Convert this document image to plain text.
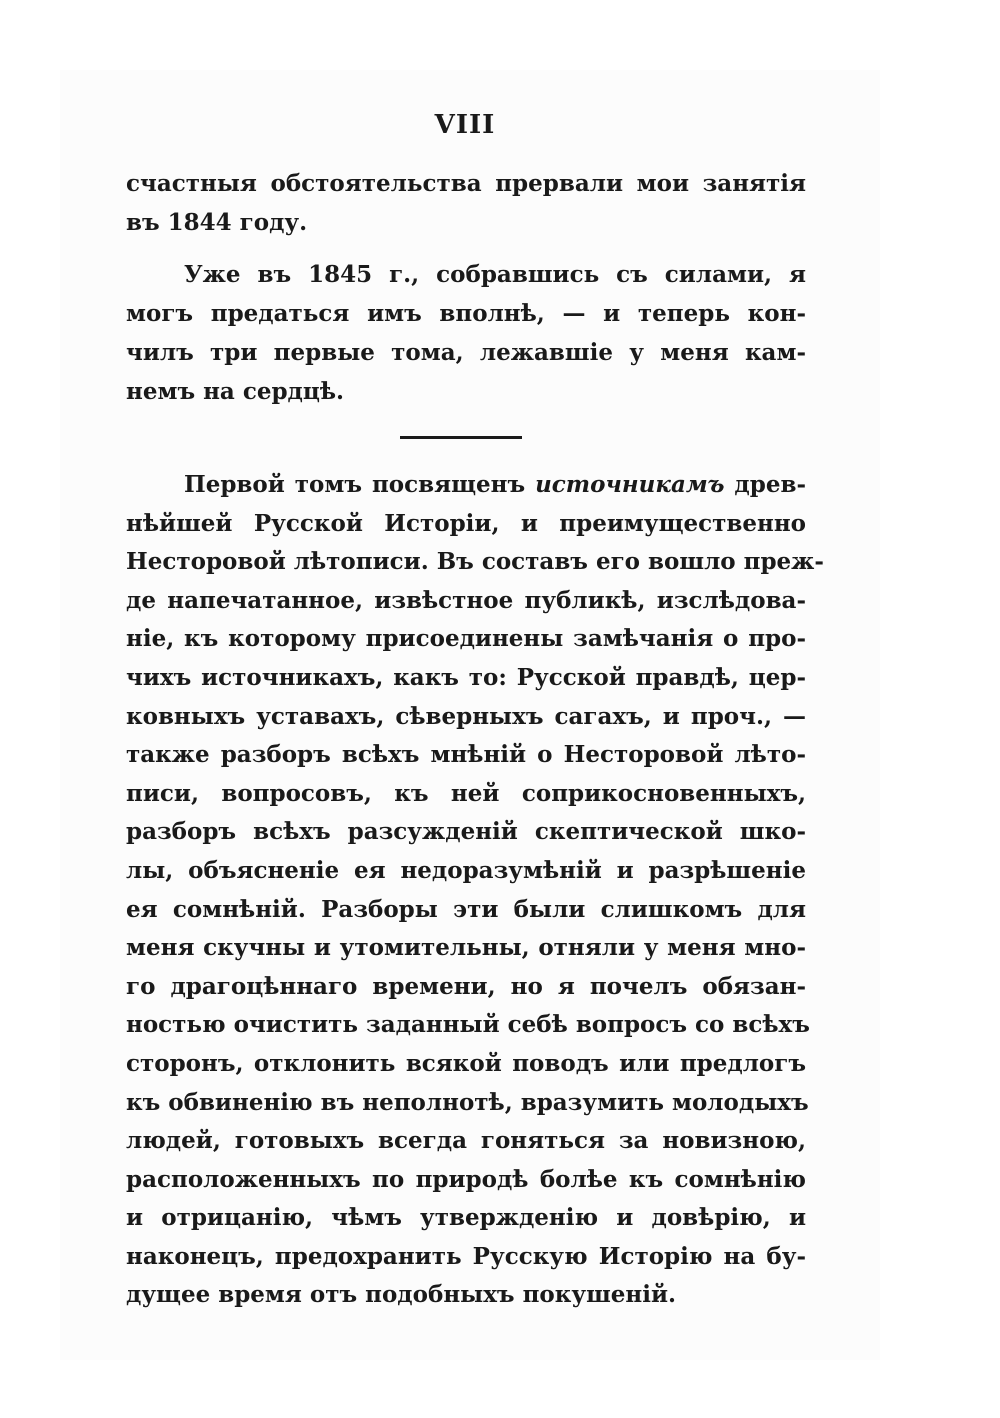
VIII
счастныя обстоятельства прервали мои занятія
въ 1844 году.
Уже въ 1845 г., собравшись съ силами, я
могъ предаться имъ вполнѣ, — и теперь кон-
чилъ три первые тома, лежавшіе у меня кам-
немъ на сердцѣ.
Первой томъ посвященъ источникамъ древ-
нѣйшей Русской Исторіи, и преимущественно
Несторовой лѣтописи. Въ составъ его вошло преж-
де напечатанное, извѣстное публикѣ, изслѣдова-
ніе, къ которому присоединены замѣчанія о про-
чихъ источникахъ, какъ то: Русской правдѣ, цер-
ковныхъ уставахъ, сѣверныхъ сагахъ, и проч., —
также разборъ всѣхъ мнѣній о Несторовой лѣто-
писи, вопросовъ, къ ней соприкосновенныхъ,
разборъ всѣхъ разсужденій скептической шко-
лы, объясненіе ея недоразумѣній и разрѣшеніе
ея сомнѣній. Разборы эти были слишкомъ для
меня скучны и утомительны, отняли у меня мно-
го драгоцѣннаго времени, но я почелъ обязан-
ностью очистить заданный себѣ вопросъ со всѣхъ
сторонъ, отклонить всякой поводъ или предлогъ
къ обвиненію въ неполнотѣ, вразумить молодыхъ
людей, готовыхъ всегда гоняться за новизною,
расположенныхъ по природѣ болѣе къ сомнѣнію
и отрицанію, чѣмъ утвержденію и довѣрію, и
наконецъ, предохранить Русскую Исторію на бу-
дущее время отъ подобныхъ покушеній.
